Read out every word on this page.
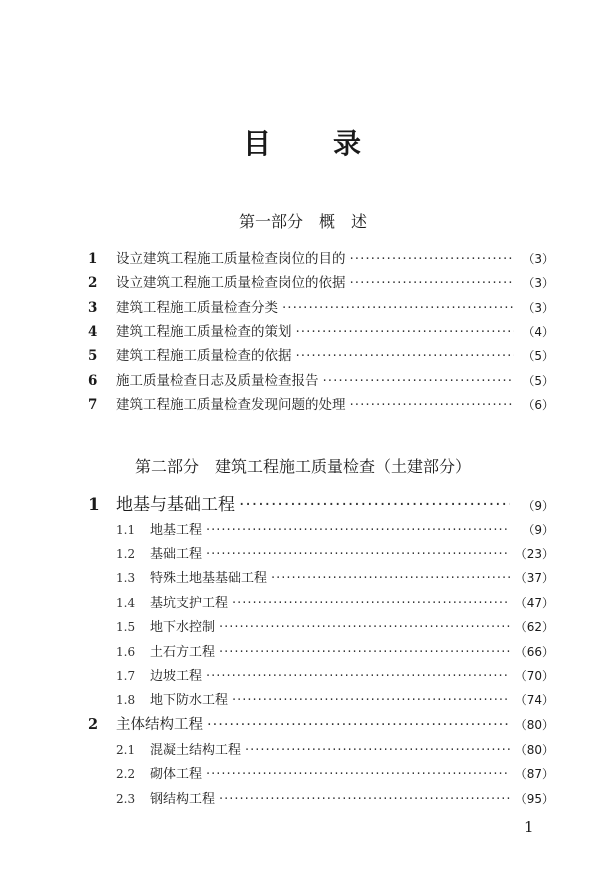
目 录
第一部分 概　述
1	设立建筑工程施工质量检查岗位的目的 ·····	（3）
2	设立建筑工程施工质量检查岗位的依据 ·····	（3）
3	建筑工程施工质量检查分类 ·····	（3）
4	建筑工程施工质量检查的策划 ·····	（4）
5	建筑工程施工质量检查的依据 ·····	（5）
6	施工质量检查日志及质量检查报告 ·····	（5）
7	建筑工程施工质量检查发现问题的处理 ·····	（6）
第二部分 建筑工程施工质量检查（土建部分）
1 地基与基础工程 ·····	（9）
1.1	地基工程 ·····	（9）
1.2	基础工程 ·····	（23）
1.3	特殊土地基基础工程 ·····	（37）
1.4	基坑支护工程 ·····	（47）
1.5	地下水控制 ·····	（62）
1.6	土石方工程 ·····	（66）
1.7	边坡工程 ·····	（70）
1.8	地下防水工程 ·····	（74）
2	主体结构工程 ·····	（80）
2.1	混凝土结构工程 ·····	（80）
2.2	砌体工程 ·····	（87）
2.3	钢结构工程 ·····	（95）
1
